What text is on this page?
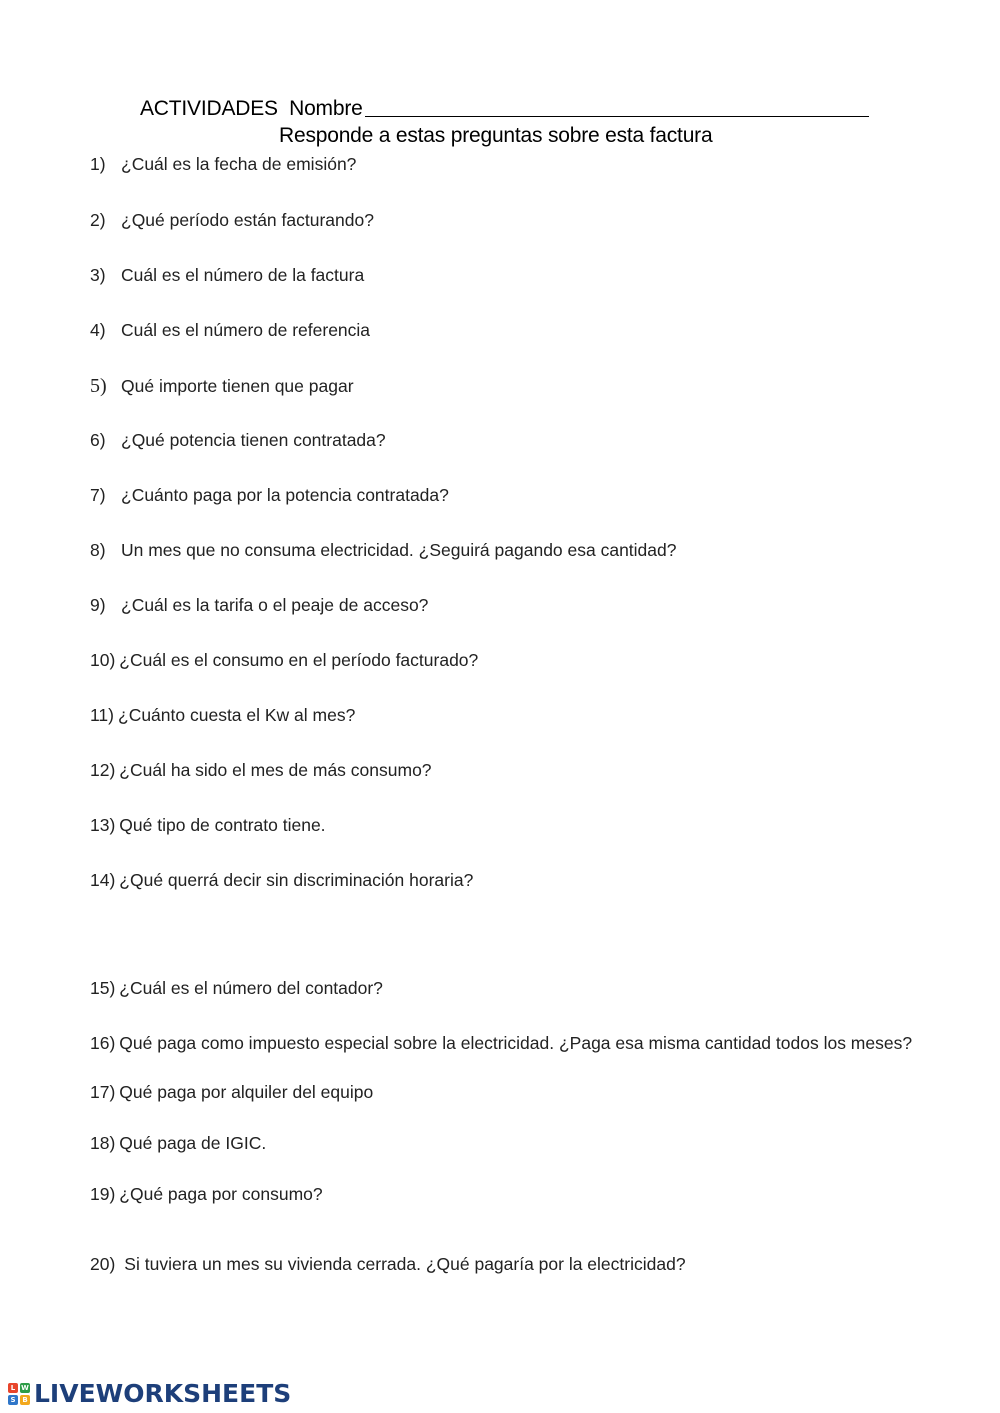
ACTIVIDADES Nombre
Responde a estas preguntas sobre esta factura
1) ¿Cuál es la fecha de emisión?
2) ¿Qué período están facturando?
3) Cuál es el número de la factura
4) Cuál es el número de referencia
5) Qué importe tienen que pagar
6) ¿Qué potencia tienen contratada?
7) ¿Cuánto paga por la potencia contratada?
8) Un mes que no consuma electricidad. ¿Seguirá pagando esa cantidad?
9) ¿Cuál es la tarifa o el peaje de acceso?
10) ¿Cuál es el consumo en el período facturado?
11) ¿Cuánto cuesta el Kw al mes?
12) ¿Cuál ha sido el mes de más consumo?
13) Qué tipo de contrato tiene.
14) ¿Qué querrá decir sin discriminación horaria?
15) ¿Cuál es el número del contador?
16) Qué paga como impuesto especial sobre la electricidad. ¿Paga esa misma cantidad todos los meses?
17) Qué paga por alquiler del equipo
18) Qué paga de IGIC.
19) ¿Qué paga por consumo?
20) Si tuviera un mes su vivienda cerrada. ¿Qué pagaría por la electricidad?
L W
S B LIVEWORKSHEETS
